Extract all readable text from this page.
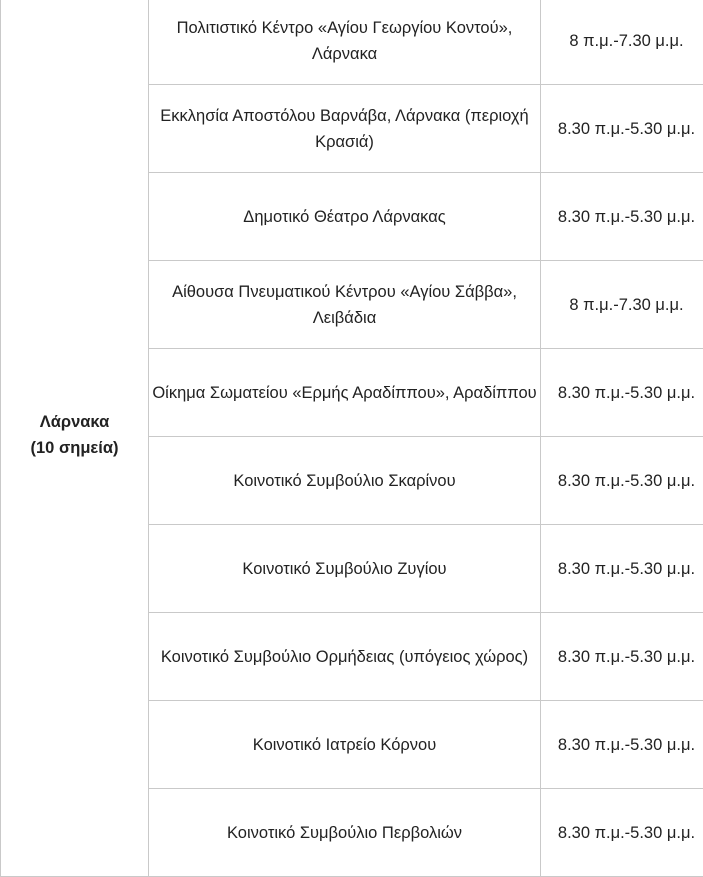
Λάρνακα
(10 σημεία)	Πολιτιστικό Κέντρο «Αγίου Γεωργίου Κοντού», Λάρνακα	8 π.μ.-7.30 μ.μ.

	Εκκλησία Αποστόλου Βαρνάβα, Λάρνακα (περιοχή Κρασιά)	8.30 π.μ.-5.30 μ.μ.

	Δημοτικό Θέατρο Λάρνακας	8.30 π.μ.-5.30 μ.μ.

	Αίθουσα Πνευματικού Κέντρου «Αγίου Σάββα», Λειβάδια	8 π.μ.-7.30 μ.μ.

	Οίκημα Σωματείου «Ερμής Αραδίππου», Αραδίππου	8.30 π.μ.-5.30 μ.μ.

	Κοινοτικό Συμβούλιο Σκαρίνου	8.30 π.μ.-5.30 μ.μ.

	Κοινοτικό Συμβούλιο Ζυγίου	8.30 π.μ.-5.30 μ.μ.

	Κοινοτικό Συμβούλιο Ορμήδειας (υπόγειος χώρος)	8.30 π.μ.-5.30 μ.μ.

	Κοινοτικό Ιατρείο Κόρνου	8.30 π.μ.-5.30 μ.μ.

	Κοινοτικό Συμβούλιο Περβολιών	8.30 π.μ.-5.30 μ.μ.
